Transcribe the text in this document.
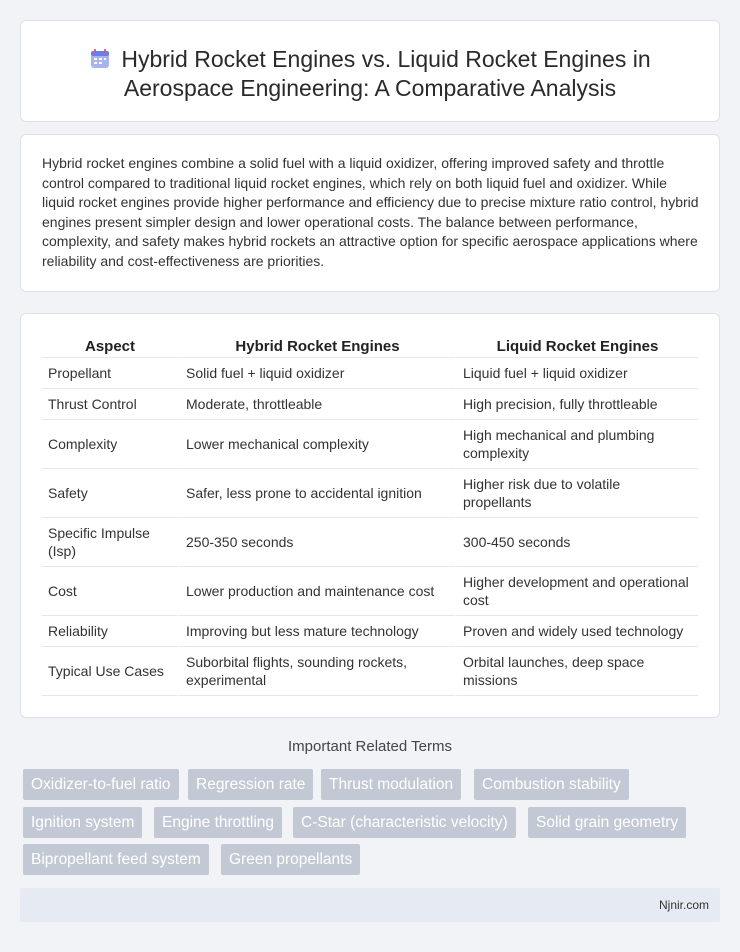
Hybrid Rocket Engines vs. Liquid Rocket Engines in
Aerospace Engineering: A Comparative Analysis

Hybrid rocket engines combine a solid fuel with a liquid oxidizer, offering improved safety and throttle control compared to traditional liquid rocket engines, which rely on both liquid fuel and oxidizer. While liquid rocket engines provide higher performance and efficiency due to precise mixture ratio control, hybrid engines present simpler design and lower operational costs. The balance between performance, complexity, and safety makes hybrid rockets an attractive option for specific aerospace applications where reliability and cost-effectiveness are priorities.

Aspect	Hybrid Rocket Engines	Liquid Rocket Engines
Propellant	Solid fuel + liquid oxidizer	Liquid fuel + liquid oxidizer
Thrust Control	Moderate, throttleable	High precision, fully throttleable
Complexity	Lower mechanical complexity	High mechanical and plumbing complexity
Safety	Safer, less prone to accidental ignition	Higher risk due to volatile propellants
Specific Impulse (Isp)	250-350 seconds	300-450 seconds
Cost	Lower production and maintenance cost	Higher development and operational cost
Reliability	Improving but less mature technology	Proven and widely used technology
Typical Use Cases	Suborbital flights, sounding rockets, experimental	Orbital launches, deep space missions
Important Related Terms
Oxidizer-to-fuel ratio	Regression rate	Thrust modulation	Combustion stability
Ignition system	Engine throttling	C-Star (characteristic velocity)	Solid grain geometry
Bipropellant feed system	Green propellants
Njnir.com
